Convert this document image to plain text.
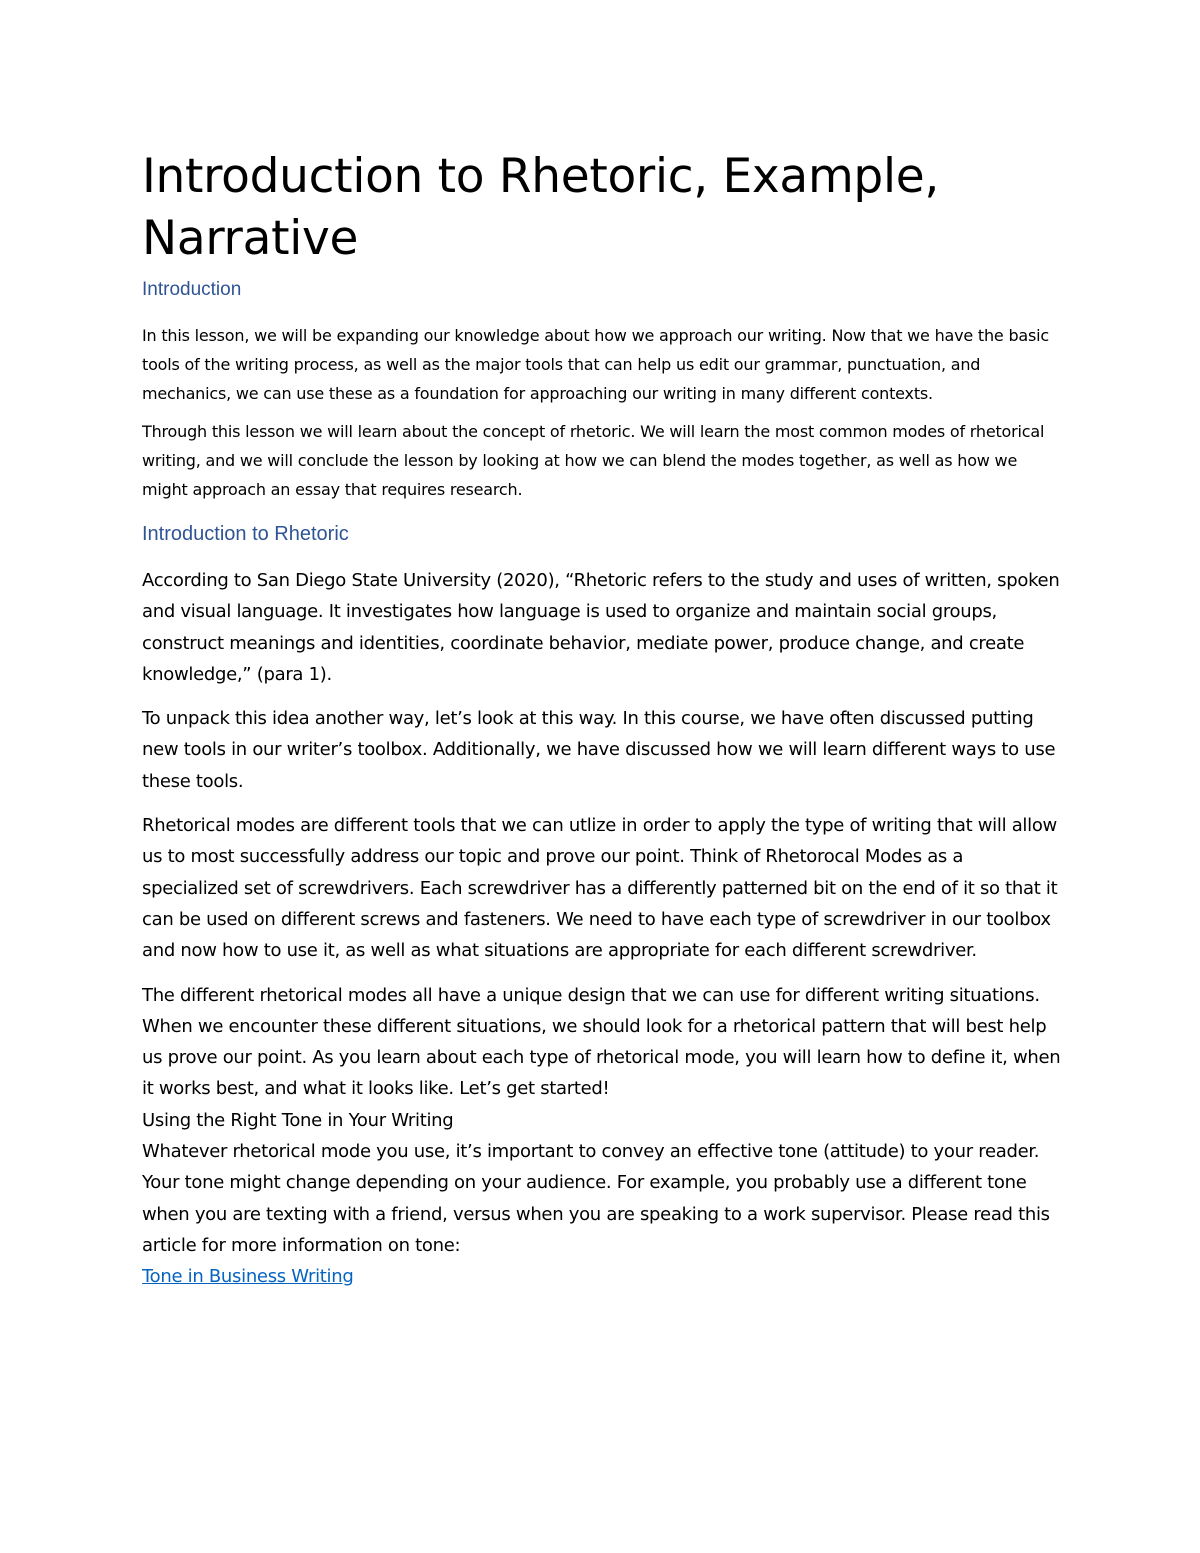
Introduction to Rhetoric, Example,
Narrative
Introduction

In this lesson, we will be expanding our knowledge about how we approach our writing. Now that we have the basic tools of the writing process, as well as the major tools that can help us edit our grammar, punctuation, and mechanics, we can use these as a foundation for approaching our writing in many different contexts.

Through this lesson we will learn about the concept of rhetoric. We will learn the most common modes of rhetorical writing, and we will conclude the lesson by looking at how we can blend the modes together, as well as how we might approach an essay that requires research.

Introduction to Rhetoric

According to San Diego State University (2020), “Rhetoric refers to the study and uses of written, spoken and visual language. It investigates how language is used to organize and maintain social groups, construct meanings and identities, coordinate behavior, mediate power, produce change, and create knowledge,” (para 1).

To unpack this idea another way, let’s look at this way. In this course, we have often discussed putting new tools in our writer’s toolbox. Additionally, we have discussed how we will learn different ways to use these tools.

Rhetorical modes are different tools that we can utlize in order to apply the type of writing that will allow us to most successfully address our topic and prove our point. Think of Rhetorocal Modes as a specialized set of screwdrivers. Each screwdriver has a differently patterned bit on the end of it so that it can be used on different screws and fasteners. We need to have each type of screwdriver in our toolbox and now how to use it, as well as what situations are appropriate for each different screwdriver.

The different rhetorical modes all have a unique design that we can use for different writing situations. When we encounter these different situations, we should look for a rhetorical pattern that will best help us prove our point. As you learn about each type of rhetorical mode, you will learn how to define it, when it works best, and what it looks like. Let’s get started!

Using the Right Tone in Your Writing

Whatever rhetorical mode you use, it’s important to convey an effective tone (attitude) to your reader. Your tone might change depending on your audience. For example, you probably use a different tone when you are texting with a friend, versus when you are speaking to a work supervisor. Please read this article for more information on tone:

Tone in Business Writing
